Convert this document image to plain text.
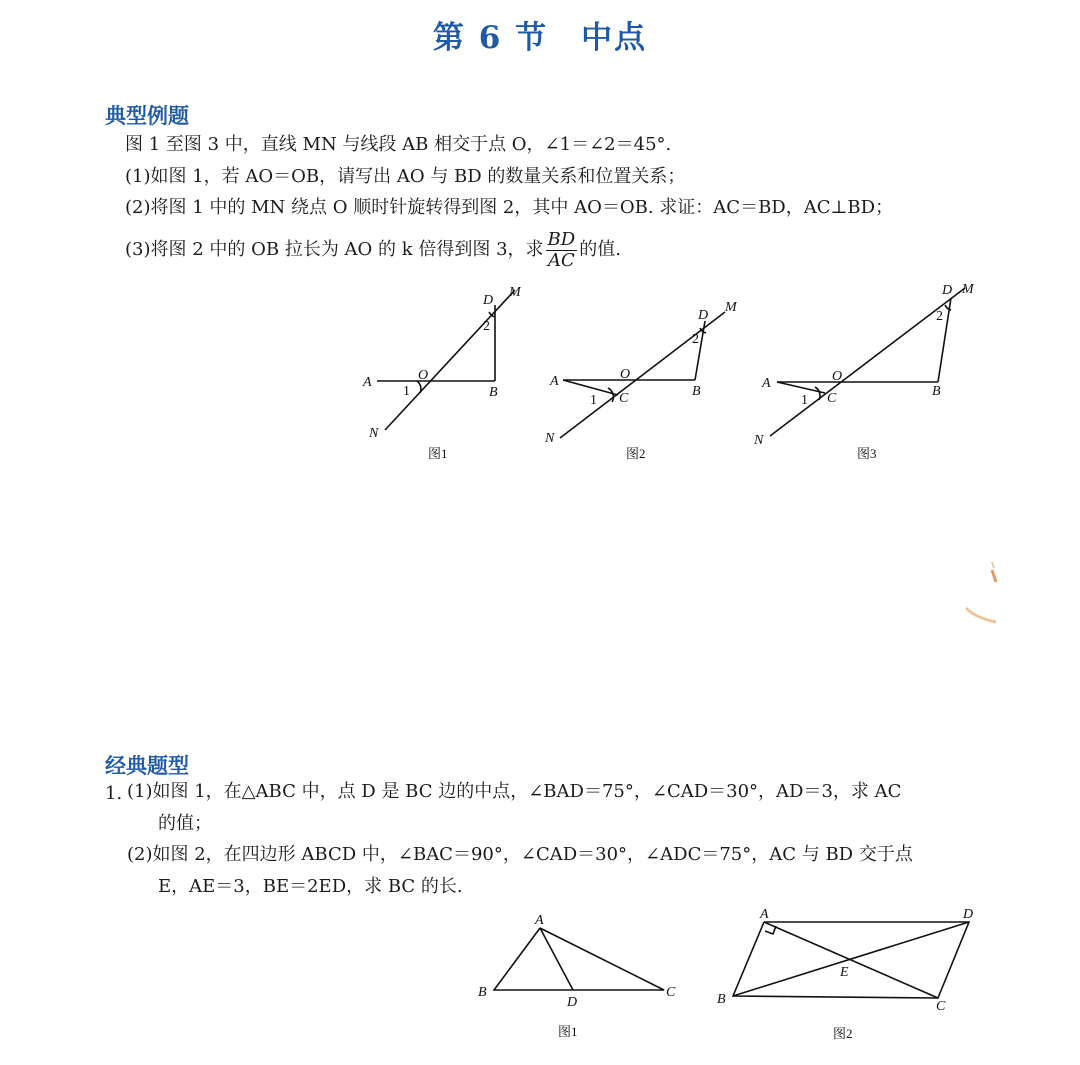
第 6 节　中点
典型例题
图 1 至图 3 中，直线 MN 与线段 AB 相交于点 O，∠1＝∠2＝45°.
(1)如图 1，若 AO＝OB，请写出 AO 与 BD 的数量关系和位置关系；
(2)将图 1 中的 MN 绕点 O 顺时针旋转得到图 2，其中 AO＝OB. 求证：AC＝BD，AC⊥BD；
(3)将图 2 中的 OB 拉长为 AO 的 k 倍得到图 3，求 $\frac{BD}{AC}$ 的值.
A	O
B
D
M
N
1
2
图1
A	O
B
C
D
M
N
1
2
图2
A	O
B
C
D M
N
1
2
图3
经典题型
1. (1)如图 1，在△ABC 中，点 D 是 BC 边的中点，∠BAD＝75°，∠CAD＝30°，AD＝3，求 AC
的值；
(2)如图 2，在四边形 ABCD 中，∠BAC＝90°，∠CAD＝30°，∠ADC＝75°，AC 与 BD 交于点
E，AE＝3，BE＝2ED，求 BC 的长.
A
B	C
D
图1
A	D
B	C
E
图2
